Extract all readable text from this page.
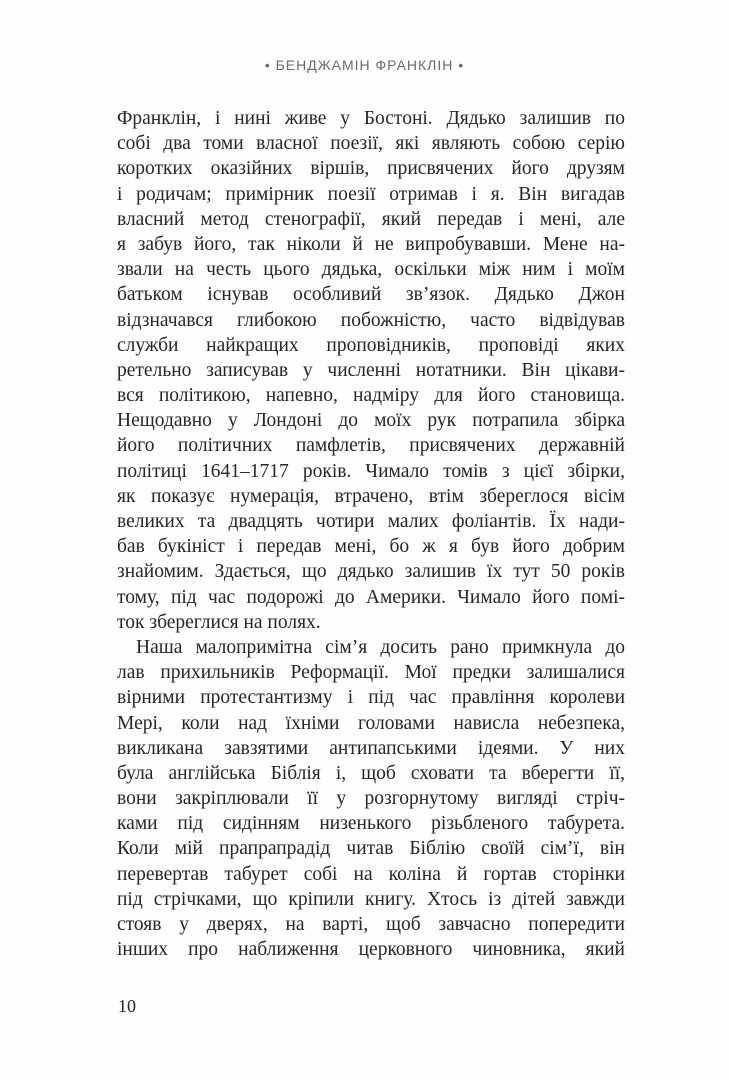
• БЕНДЖАМІН ФРАНКЛІН •
Франклін, і нині живе у Бостоні. Дядько залишив по
собі два томи власної поезії, які являють собою серію
коротких оказійних віршів, присвячених його друзям
і родичам; примірник поезії отримав і я. Він вигадав
власний метод стенографії, який передав і мені, але
я забув його, так ніколи й не випробувавши. Мене на-
звали на честь цього дядька, оскільки між ним і моїм
батьком існував особливий зв’язок. Дядько Джон
відзначався глибокою побожністю, часто відвідував
служби найкращих проповідників, проповіді яких
ретельно записував у численні нотатники. Він цікави-
вся політикою, напевно, надміру для його становища.
Нещодавно у Лондоні до моїх рук потрапила збірка
його політичних памфлетів, присвячених державній
політиці 1641–1717 років. Чимало томів з цієї збірки,
як показує нумерація, втрачено, втім збереглося вісім
великих та двадцять чотири малих фоліантів. Їх нади-
бав букініст і передав мені, бо ж я був його добрим
знайомим. Здається, що дядько залишив їх тут 50 років
тому, під час подорожі до Америки. Чимало його помі-
ток збереглися на полях.
Наша малопримітна сім’я досить рано примкнула до
лав прихильників Реформації. Мої предки залишалися
вірними протестантизму і під час правління королеви
Мері, коли над їхніми головами нависла небезпека,
викликана завзятими антипапськими ідеями. У них
була англійська Біблія і, щоб сховати та вберегти її,
вони закріплювали її у розгорнутому вигляді стріч-
ками під сидінням низенького різьбленого табурета.
Коли мій прапрапрадід читав Біблію своїй сім’ї, він
перевертав табурет собі на коліна й гортав сторінки
під стрічками, що кріпили книгу. Хтось із дітей завжди
стояв у дверях, на варті, щоб завчасно попередити
інших про наближення церковного чиновника, який
10
